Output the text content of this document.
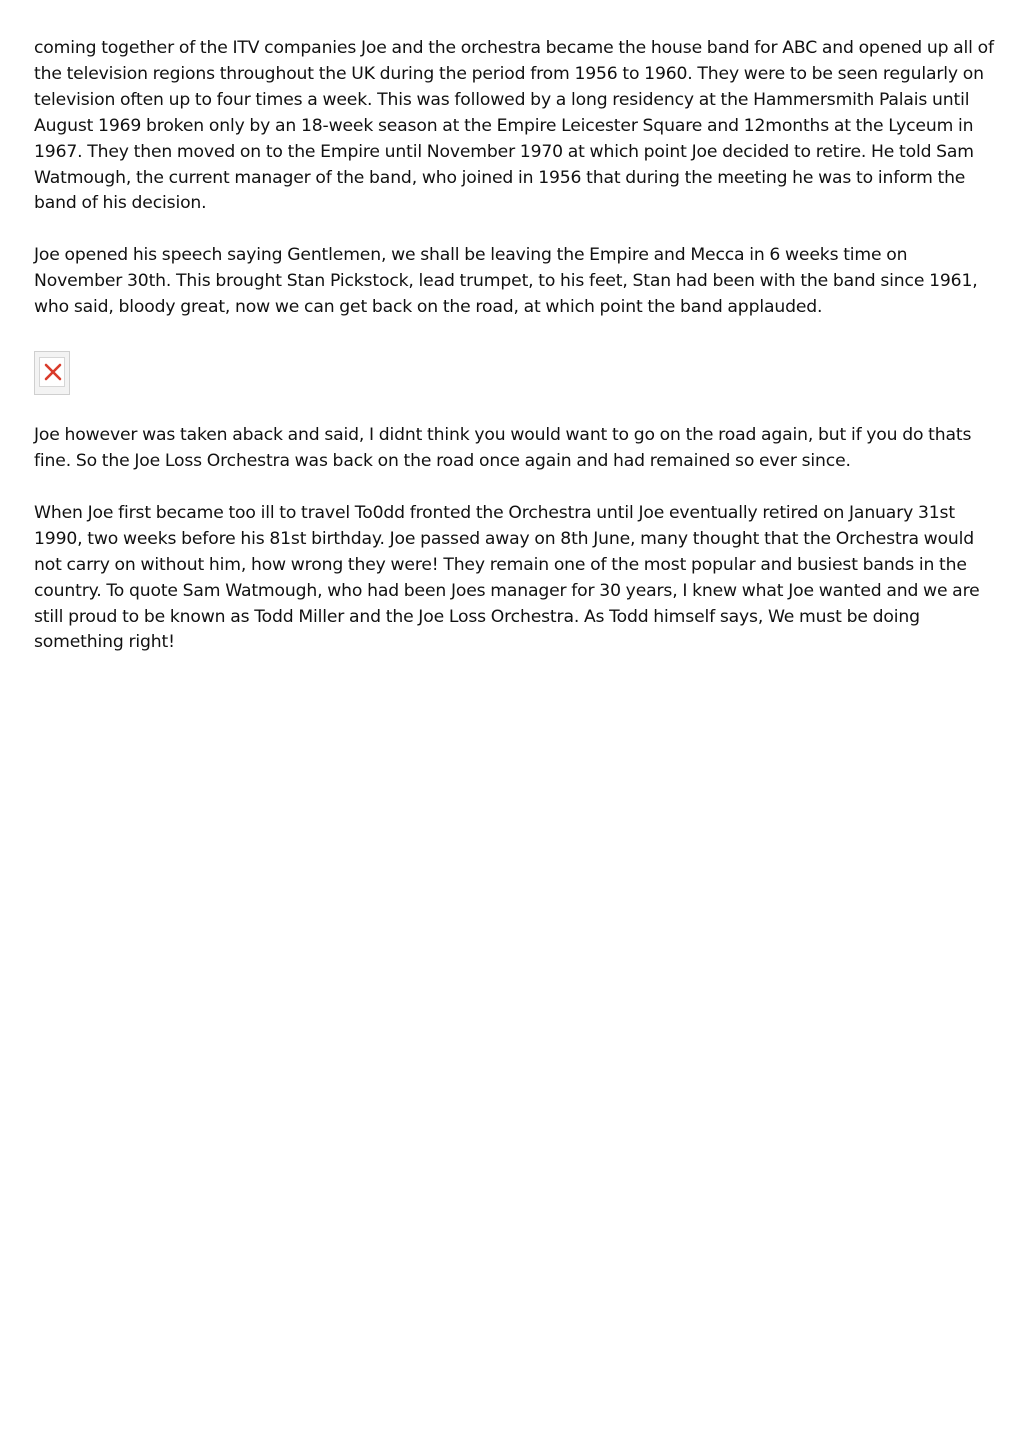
coming together of the ITV companies Joe and the orchestra became the house band for ABC and opened up all of the television regions throughout the UK during the period from 1956 to 1960. They were to be seen regularly on television often up to four times a week. This was followed by a long residency at the Hammersmith Palais until August 1969 broken only by an 18-week season at the Empire Leicester Square and 12months at the Lyceum in 1967. They then moved on to the Empire until November 1970 at which point Joe decided to retire. He told Sam Watmough, the current manager of the band, who joined in 1956 that during the meeting he was to inform the band of his decision.

Joe opened his speech saying Gentlemen, we shall be leaving the Empire and Mecca in 6 weeks time on November 30th. This brought Stan Pickstock, lead trumpet, to his feet, Stan had been with the band since 1961, who said, bloody great, now we can get back on the road, at which point the band applauded.

Joe however was taken aback and said, I didnt think you would want to go on the road again, but if you do thats fine. So the Joe Loss Orchestra was back on the road once again and had remained so ever since.

When Joe first became too ill to travel To0dd fronted the Orchestra until Joe eventually retired on January 31st 1990, two weeks before his 81st birthday. Joe passed away on 8th June, many thought that the Orchestra would not carry on without him, how wrong they were! They remain one of the most popular and busiest bands in the country. To quote Sam Watmough, who had been Joes manager for 30 years, I knew what Joe wanted and we are still proud to be known as Todd Miller and the Joe Loss Orchestra. As Todd himself says, We must be doing something right!
